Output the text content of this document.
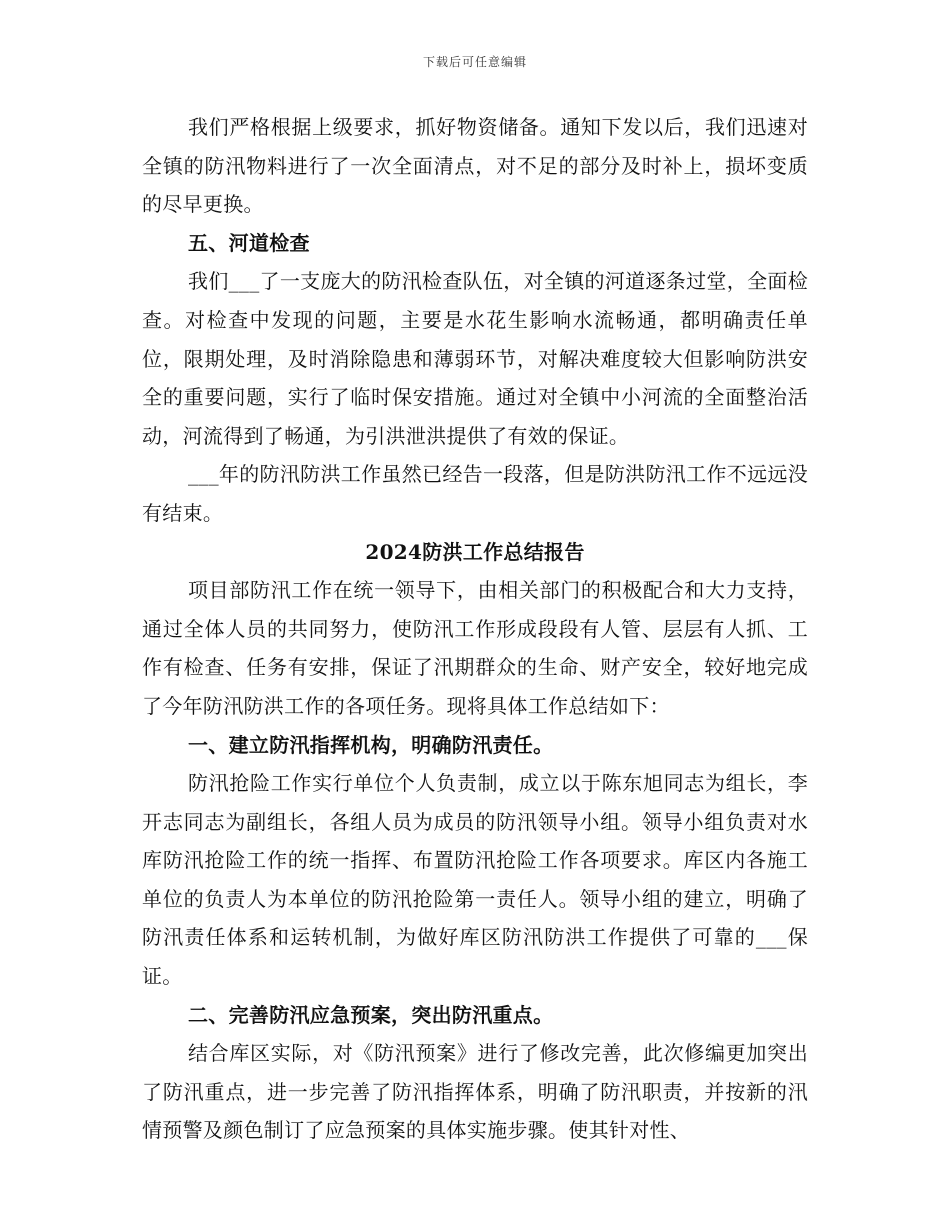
下载后可任意编辑

我们严格根据上级要求，抓好物资储备。通知下发以后，我们迅速对全镇的防汛物料进行了一次全面清点，对不足的部分及时补上，损坏变质的尽早更换。

五、河道检查

我们___了一支庞大的防汛检查队伍，对全镇的河道逐条过堂，全面检查。对检查中发现的问题，主要是水花生影响水流畅通，都明确责任单位，限期处理，及时消除隐患和薄弱环节，对解决难度较大但影响防洪安全的重要问题，实行了临时保安措施。通过对全镇中小河流的全面整治活动，河流得到了畅通，为引洪泄洪提供了有效的保证。

___年的防汛防洪工作虽然已经告一段落，但是防洪防汛工作不远远没有结束。

2024防洪工作总结报告

项目部防汛工作在统一领导下，由相关部门的积极配合和大力支持，通过全体人员的共同努力，使防汛工作形成段段有人管、层层有人抓、工作有检查、任务有安排，保证了汛期群众的生命、财产安全，较好地完成了今年防汛防洪工作的各项任务。现将具体工作总结如下：

一、建立防汛指挥机构，明确防汛责任。

防汛抢险工作实行单位个人负责制，成立以于陈东旭同志为组长，李开志同志为副组长，各组人员为成员的防汛领导小组。领导小组负责对水库防汛抢险工作的统一指挥、布置防汛抢险工作各项要求。库区内各施工单位的负责人为本单位的防汛抢险第一责任人。领导小组的建立，明确了防汛责任体系和运转机制，为做好库区防汛防洪工作提供了可靠的___保证。

二、完善防汛应急预案，突出防汛重点。

结合库区实际，对《防汛预案》进行了修改完善，此次修编更加突出了防汛重点，进一步完善了防汛指挥体系，明确了防汛职责，并按新的汛情预警及颜色制订了应急预案的具体实施步骤。使其针对性、
